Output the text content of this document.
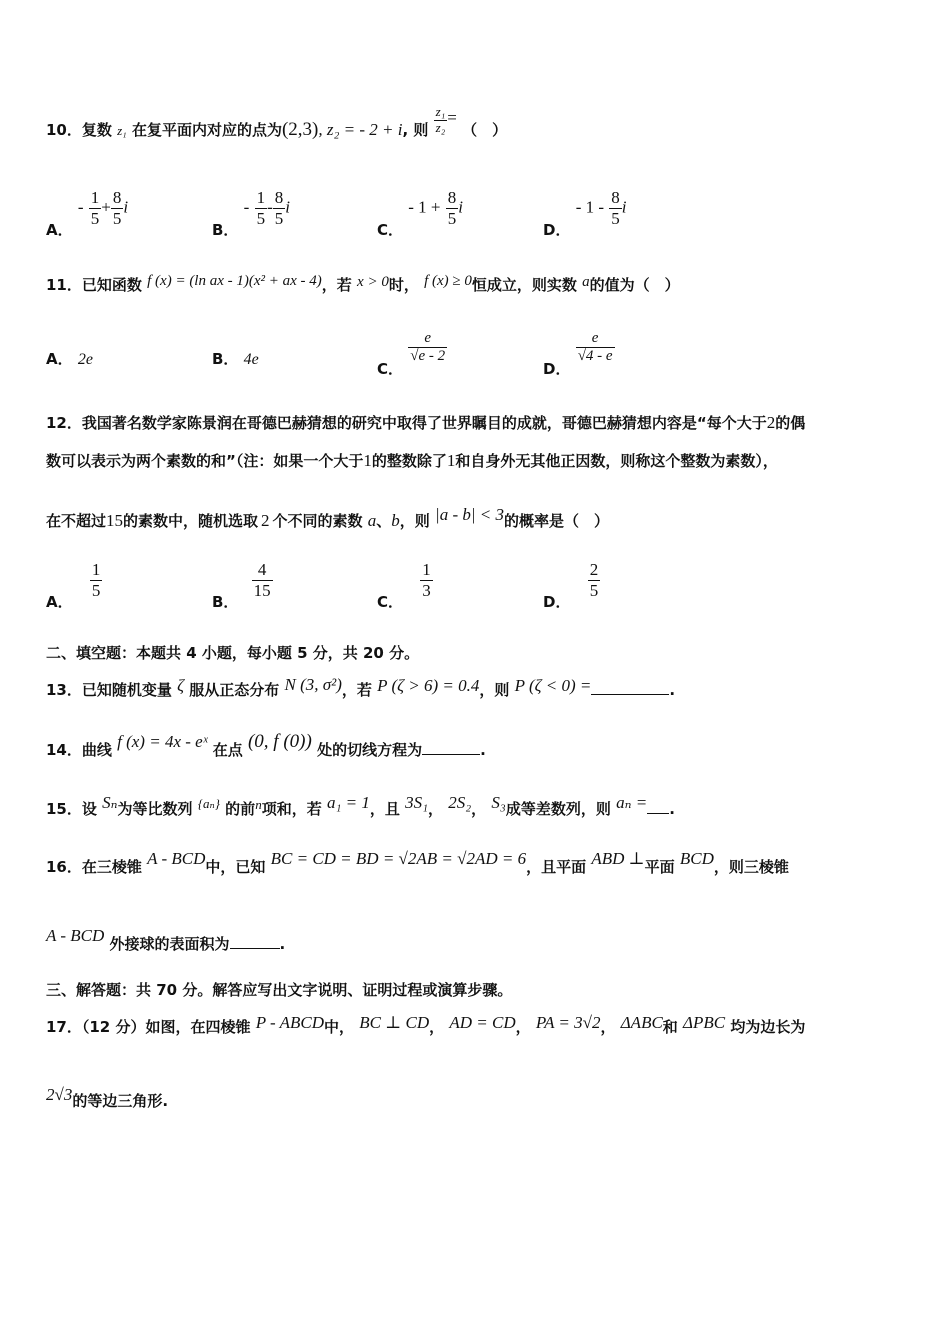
10．复数 z₁ 在复平面内对应的点为(2,3), z₂ = - 2 + i, 则 $\frac{\text{z₁}}{\text{z₂}}$ = （　）
A． - $\frac{1}{5} + \frac{8}{5}$ i
B． - $\frac{1}{5} - \frac{8}{5}$ i
C． - $1 + \frac{8}{5}$ i
D． - $1 - \frac{8}{5}$ i
11．已知函数 f (x) = (ln ax - 1)(x² + ax - 4)，若 x > 0时， f (x) ≥ 0恒成立，则实数 a的值为（　）
A． 2e	B． 4e
C．
$\frac{e}{√e - 2}$
D．
$\frac{e}{√4 - e}$
12．我国著名数学家陈景润在哥德巴赫猜想的研究中取得了世界瞩目的成就，哥德巴赫猜想内容是“每个大于2的偶
数可以表示为两个素数的和”（注：如果一个大于1的整数除了1和自身外无其他正因数，则称这个整数为素数），
在不超过15的素数中，随机选取 2 个不同的素数 a、b，则 |a - b| < 3的概率是（　）
A．
$\frac{1}{5}$
B．
$\frac{4}{15}$
C．
$\frac{1}{3}$
D．
$\frac{2}{5}$
二、填空题：本题共 4 小题，每小题 5 分，共 20 分。
13．已知随机变量 ζ 服从正态分布 N (3, σ²)，若 P (ζ > 6) = 0.4，则 P (ζ < 0) =	.
14．曲线 f (x) = 4x - eˣ 在点 (0, f (0)) 处的切线方程为	.
15．设 Sₙ为等比数列 {aₙ} 的前n项和，若 a₁ = 1，且 3S₁， 2S₂， S₃成等差数列，则 aₙ = .
16．在三棱锥 A - BCD中，已知 BC = CD = BD = √2AB = √2AD = 6，且平面 ABD ⊥平面 BCD，则三棱锥
A - BCD 外接球的表面积为	.
三、解答题：共 70 分。解答应写出文字说明、证明过程或演算步骤。
17．（12 分）如图，在四棱锥 P - ABCD中， BC ⊥ CD， AD = CD， PA = 3√2， ΔABC和 ΔPBC 均为边长为
2√3的等边三角形.
